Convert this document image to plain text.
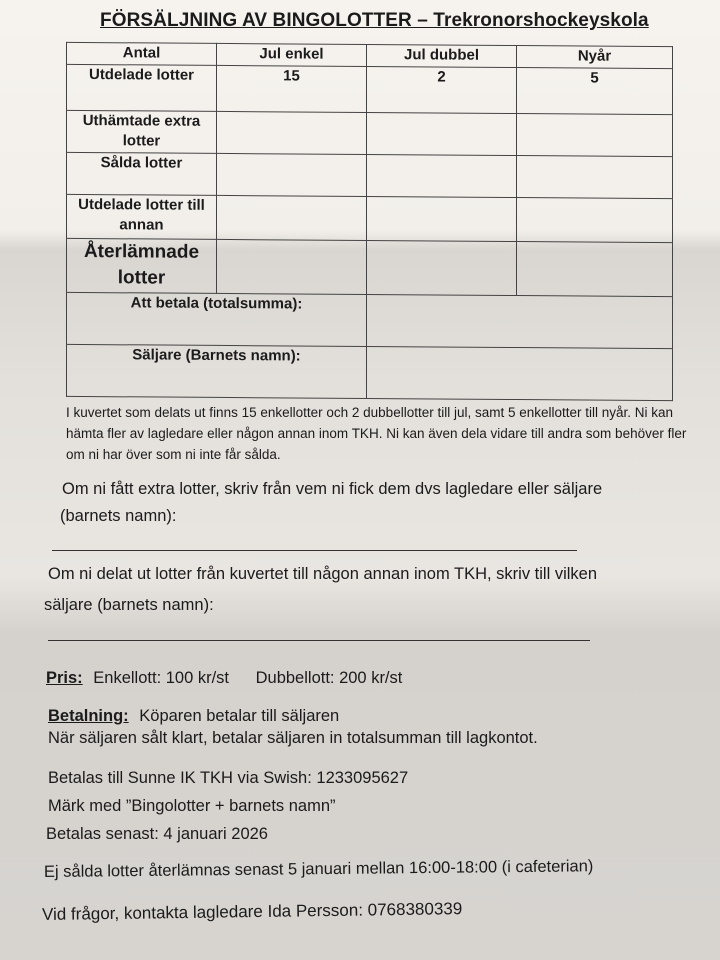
FÖRSÄLJNING AV BINGOLOTTER – Trekronorshockeyskola
Antal	Jul enkel	Jul dubbel	Nyår
Utdelade lotter	15	2	5
Uthämtade extra lotter			
Sålda lotter			
Utdelade lotter till annan			
Återlämnade lotter			
Att betala (totalsumma):			
Säljare (Barnets namn):			
I kuvertet som delats ut finns 15 enkellotter och 2 dubbellotter till jul, samt 5 enkellotter till nyår. Ni kan hämta fler av lagledare eller någon annan inom TKH. Ni kan även dela vidare till andra som behöver fler om ni har över som ni inte får sålda.
Om ni fått extra lotter, skriv från vem ni fick dem dvs lagledare eller säljare
(barnets namn):
Om ni delat ut lotter från kuvertet till någon annan inom TKH, skriv till vilken
säljare (barnets namn):
Pris: Enkellott: 100 kr/st Dubbellott: 200 kr/st
Betalning: Köparen betalar till säljaren
När säljaren sålt klart, betalar säljaren in totalsumman till lagkontot.
Betalas till Sunne IK TKH via Swish: 1233095627
Märk med ”Bingolotter + barnets namn”
Betalas senast: 4 januari 2026
Ej sålda lotter återlämnas senast 5 januari mellan 16:00-18:00 (i cafeterian)
Vid frågor, kontakta lagledare Ida Persson: 0768380339
